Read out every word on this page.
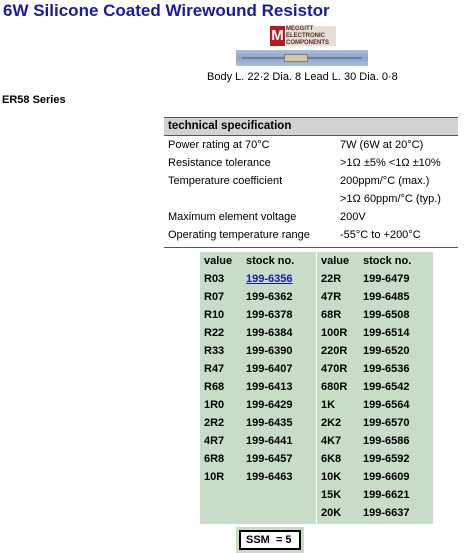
6W Silicone Coated Wirewound Resistor
M MEGGITT
ELECTRONIC
COMPONENTS
Body L. 22·2 Dia. 8 Lead L. 30 Dia. 0·8
ER58 Series
technical specification
Power rating at 70°C	7W (6W at 20°C)
Resistance tolerance	>1Ω ±5% <1Ω ±10%
Temperature coefficient	200ppm/°C (max.)
>1Ω 60ppm/°C (typ.)
Maximum element voltage	200V
Operating temperature range	-55°C to +200°C
value	stock no.
R03	199-6356
R07	199-6362
R10	199-6378
R22	199-6384
R33	199-6390
R47	199-6407
R68	199-6413
1R0	199-6429
2R2	199-6435
4R7	199-6441
6R8	199-6457
10R	199-6463
value	stock no.
22R	199-6479
47R	199-6485
68R	199-6508
100R	199-6514
220R	199-6520
470R	199-6536
680R	199-6542
1K	199-6564
2K2	199-6570
4K7	199-6586
6K8	199-6592
10K	199-6609
15K	199-6621
20K	199-6637
SSM  = 5
